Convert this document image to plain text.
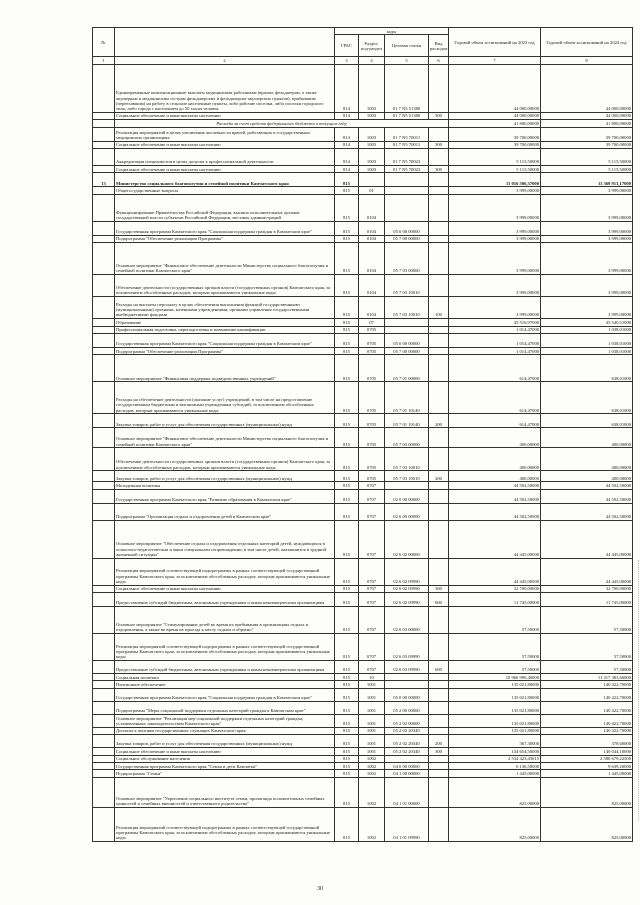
№		коды				Годовой объем ассигнований на 2023 год	Годовой объем ассигнований на 2024 год
		ГРБС	Раздел, под-раздел	Целевая статья	Вид расходов		
1	2	3	4	5	6	7	8
	Единовременные компенсационные выплаты медицинским работникам (врачам, фельдшерам, а также акушеркам и медицинским сестрам фельдшерских и фельдшерско-акушерских пунктов), прибывшим (переехавшим) на работу в сельские населенные пункты, либо рабочие поселки, либо поселки городского типа, либо города с населением до 50 тысяч человек	814	1003	01 7 N5 51380		44 000,00000	44 000,00000
	Социальное обеспечение и иные выплаты населению	814	1003	01 7 N5 51380	300	44 000,00000	44 000,00000
	Расходы за счет средств федерального бюджета в текущем году					41 800,00000	41 800,00000
	Реализация мероприятий в целях увеличения численности врачей, работающих в государственных медицинских организациях	814	1003	01 7 N5 70011		39 700,00000	39 700,00000
	Социальное обеспечение и иные выплаты населению	814	1003	01 7 N5 70011	300	39 700,00000	39 700,00000
	Аккредитация специалистов в целях допуска к профессиональной деятельности	814	1003	01 7 N5 70023		5 115,50000	5 115,50000
	Социальное обеспечение и иные выплаты населению	814	1003	01 7 N5 70023	300	5 115,50000	5 115,50000
13	Министерство социального благополучия и семейной политики Камчатского края	815				11 016 506,37000	11 369 913,17000
	Общегосударственные вопросы	815	01			3 999,00000	3 999,00000
	Функционирование Правительства Российской Федерации, высших исполнительных органов государственной власти субъектов Российской Федерации, местных администраций	815	0104			3 999,00000	3 999,00000
	Государственная программа Камчатского края "Социальная поддержка граждан в Камчатском крае"	815	0104	05 0 00 00000		3 999,00000	3 999,00000
	Подпрограмма "Обеспечение реализации Программы"	815	0104	05 7 00 00000		3 999,00000	3 999,00000
	Основное мероприятие "Финансовое обеспечение деятельности Министерства социального благополучия и семейной политики Камчатского края"	815	0104	05 7 03 00000		3 999,00000	3 999,00000
	Обеспечение деятельности государственных органов власти (государственных органов) Камчатского края, за исключением обособленных расходов, которым присваиваются уникальные коды	815	0104	05 7 03 10010		3 999,00000	3 999,00000
	Расходы на выплаты персоналу в целях обеспечения выполнения функций государственными (муниципальными) органами, казенными учреждениями, органами управления государственными внебюджетными фондами	815	0104	05 7 03 10010	100	3 999,00000	3 999,00000
	Образование	815	07			45 516,97000	45 540,51000
	Профессиональная подготовка, переподготовка и повышение квалификации	815	0705			1 014,47000	1 038,01000
	Государственная программа Камчатского края "Социальная поддержка граждан в Камчатском крае"	815	0705	05 0 00 00000		1 014,47000	1 038,01000
	Подпрограмма "Обеспечение реализации Программы"	815	0705	05 7 00 00000		1 014,47000	1 038,01000
	Основное мероприятие "Финансовая поддержка подведомственных учреждений"	815	0705	05 7 01 00000		614,47000	638,01000
	Расходы на обеспечение деятельности (оказание услуг) учреждений, в том числе на предоставление государственным бюджетным и автономным учреждениям субсидий, за исключением обособленных расходов, которым присваиваются уникальные коды	815	0705	05 7 01 10140		614,47000	638,01000
	Закупка товаров, работ и услуг для обеспечения государственных (муниципальных) нужд	815	0705	05 7 01 10140	200	614,47000	638,01000
	Основное мероприятие "Финансовое обеспечение деятельности Министерства социального благополучия и семейной политики Камчатского края"	815	0705	05 7 03 00000		400,00000	400,00000
	Обеспечение деятельности государственных органов власти (государственных органов) Камчатского края, за исключением обособленных расходов, которым присваиваются уникальные коды	815	0705	05 7 03 10010		400,00000	400,00000
	Закупка товаров, работ и услуг для обеспечения государственных (муниципальных) нужд	815	0705	05 7 03 10010	200	400,00000	400,00000
	Молодежная политика	815	0707			44 502,50000	44 502,50000
	Государственная программа Камчатского края "Развитие образования в Камчатском крае"	815	0707	02 0 00 00000		44 502,50000	44 502,50000
	Подпрограмма "Организация отдыха и оздоровления детей в Камчатском крае"	815	0707	02 6 00 00000		44 502,50000	44 502,50000
	Основное мероприятие "Обеспечение отдыха и оздоровления отдельных категорий детей, нуждающихся в психолого-педагогическом и ином специальном сопровождении, в том числе детей, оказавшихся в трудной жизненной ситуации"	815	0707	02 6 02 00000		44 445,00000	44 445,00000
	Реализация мероприятий соответствующей подпрограммы в рамках соответствующей государственной программы Камчатского края, за исключением обособленных расходов, которым присваиваются уникальные коды	815	0707	02 6 02 09990		44 445,00000	44 445,00000
	Социальное обеспечение и иные выплаты населению	815	0707	02 6 02 09990	300	32 700,00000	32 700,00000
	Предоставление субсидий бюджетным, автономным учреждениям и иным некоммерческим организациям	815	0707	02 6 02 09990	600	11 745,00000	11 745,00000
	Основное мероприятие "Стимулирование детей во время их пребывания в организациях отдыха и оздоровления, а также во время их проезда к месту отдыха и обратно"	815	0707	02 6 03 00000		57,50000	57,50000
	Реализация мероприятий соответствующей подпрограммы в рамках соответствующей государственной программы Камчатского края, за исключением обособленных расходов, которым присваиваются уникальные коды	815	0707	02 6 03 09990		57,50000	57,50000
	Предоставление субсидий бюджетным, автономным учреждениям и иным некоммерческим организациям	815	0707	02 6 03 09990	600	57,50000	57,50000
	Социальная политика	815	10			10 966 990,40000	11 317 383,66000
	Пенсионное обеспечение	815	1001			135 021,80000	140 422,70000
	Государственная программа Камчатского края "Социальная поддержка граждан в Камчатском крае"	815	1001	05 0 00 00000		135 021,80000	140 422,70000
	Подпрограмма "Меры социальной поддержки отдельных категорий граждан в Камчатском крае"	815	1001	05 2 00 00000		135 021,80000	140 422,70000
	Основное мероприятие "Реализация мер социальной поддержки отдельных категорий граждан, установленных законодательством Камчатского края"	815	1001	05 2 02 00000		135 021,80000	140 422,70000
	Доплаты к пенсиям государственных служащих Камчатского края	815	1001	05 2 02 20340		135 021,80000	140 422,70000
	Закупка товаров, работ и услуг для обеспечения государственных (муниципальных) нужд	815	1001	05 2 02 20340	200	367,30000	378,60000
	Социальное обеспечение и иные выплаты населению	815	1001	05 2 02 20340	300	134 654,50000	140 044,10000
	Социальное обслуживание населения	815	1002			2 534 423,45615	2 580 679,22500
	Государственная программа Камчатского края "Семья и дети Камчатки"	815	1002	04 0 00 00000		6 136,50000	9 639,20000
	Подпрограмма "Семья"	815	1002	04 1 00 00000		1 445,00000	1 445,00000
	Основное мероприятие "Укрепление социального института семьи, пропаганда положительных семейных ценностей и семейных внешностей и ответственного родительства"	815	1002	04 1 01 00000		825,00000	825,00000
	Реализация мероприятий соответствующей подпрограммы в рамках соответствующей государственной программы Камчатского края, за исключением обособленных расходов, которым присваиваются уникальные коды	815	1002	04 1 01 09990		825,00000	825,00000
30
